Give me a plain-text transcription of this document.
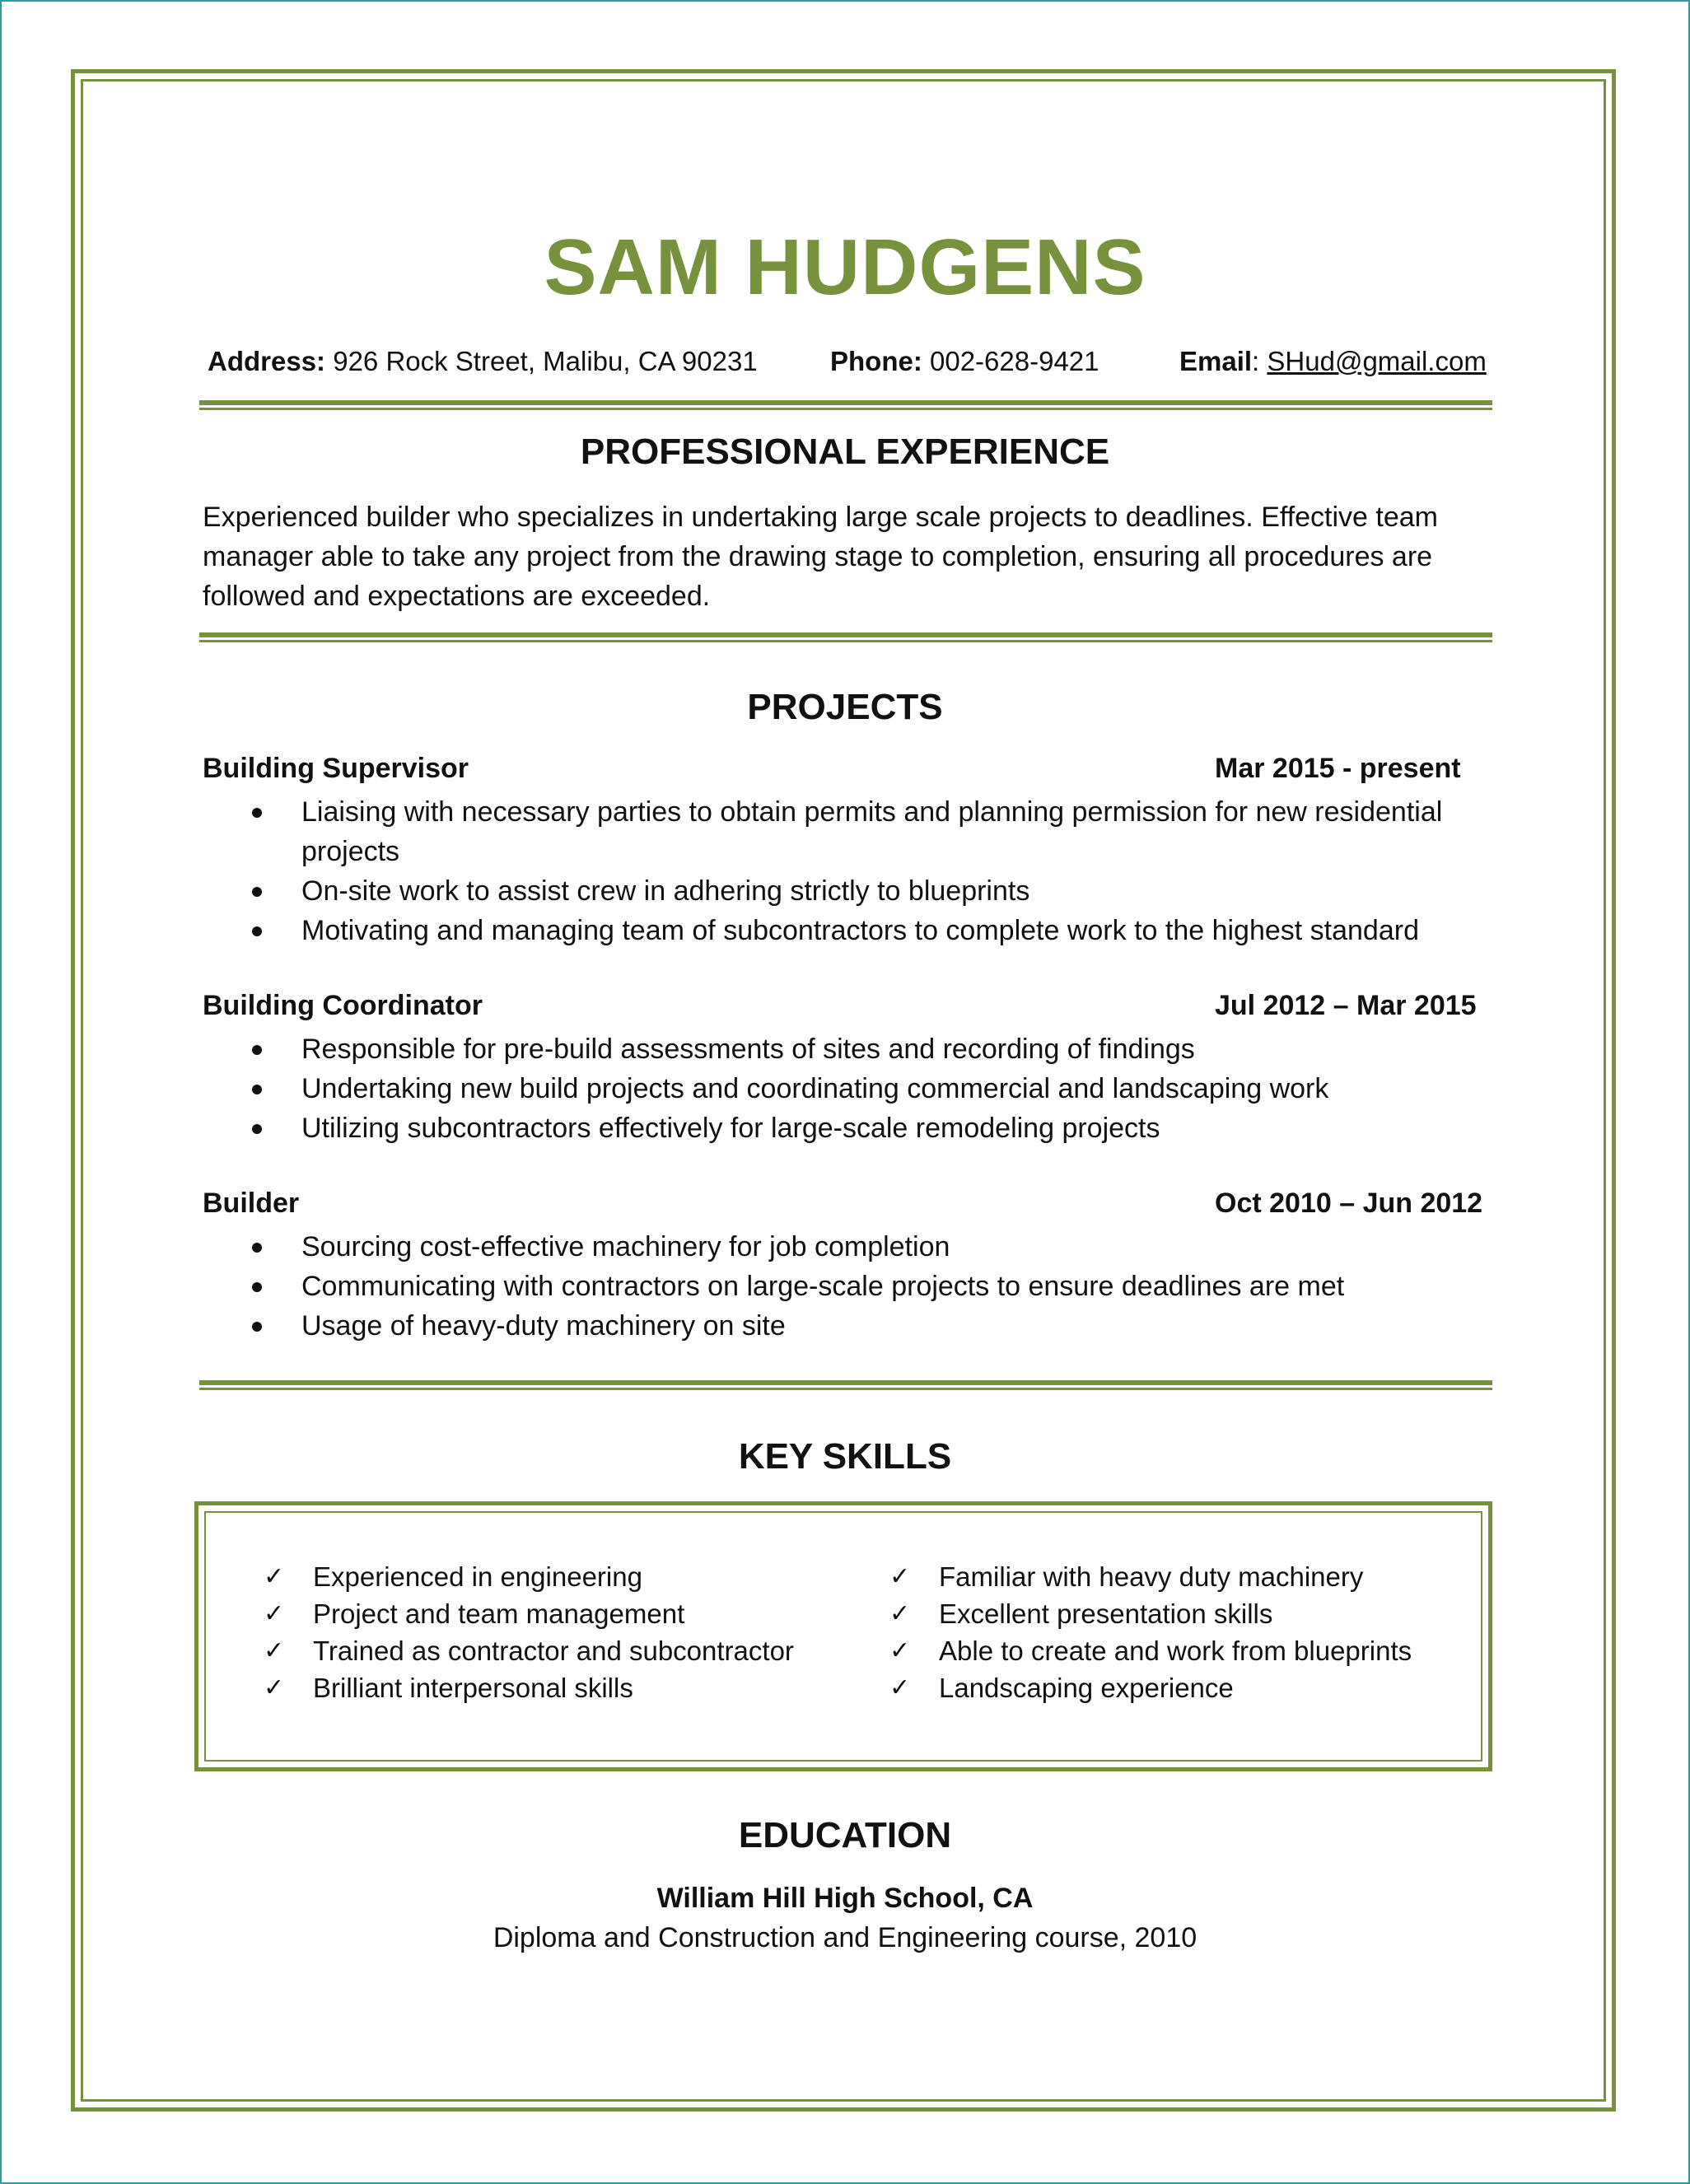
SAM HUDGENS
Address: 926 Rock Street, Malibu, CA 90231	Phone: 002-628-9421	Email: SHud@gmail.com
PROFESSIONAL EXPERIENCE
Experienced builder who specializes in undertaking large scale projects to deadlines. Effective team manager able to take any project from the drawing stage to completion, ensuring all procedures are followed and expectations are exceeded.
PROJECTS
Building Supervisor	Mar 2015 - present
Liaising with necessary parties to obtain permits and planning permission for new residential projects
On-site work to assist crew in adhering strictly to blueprints
Motivating and managing team of subcontractors to complete work to the highest standard
Building Coordinator	Jul 2012 – Mar 2015
Responsible for pre-build assessments of sites and recording of findings
Undertaking new build projects and coordinating commercial and landscaping work
Utilizing subcontractors effectively for large-scale remodeling projects
Builder	Oct 2010 – Jun 2012
Sourcing cost-effective machinery for job completion
Communicating with contractors on large-scale projects to ensure deadlines are met
Usage of heavy-duty machinery on site
KEY SKILLS
✓ Experienced in engineering
✓ Project and team management
✓ Trained as contractor and subcontractor
✓ Brilliant interpersonal skills
✓ Familiar with heavy duty machinery
✓ Excellent presentation skills
✓ Able to create and work from blueprints
✓ Landscaping experience
EDUCATION
William Hill High School, CA
Diploma and Construction and Engineering course, 2010
